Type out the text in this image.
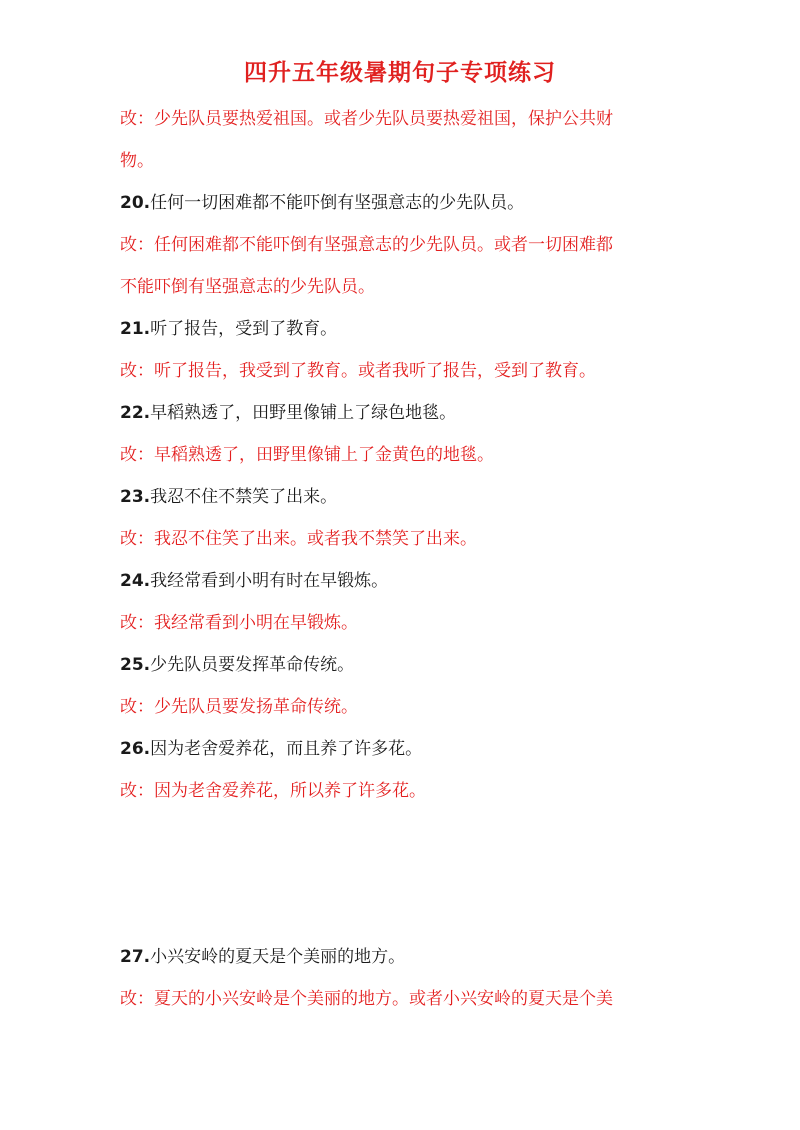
四升五年级暑期句子专项练习
改：少先队员要热爱祖国。或者少先队员要热爱祖国，保护公共财
物。
20.任何一切困难都不能吓倒有坚强意志的少先队员。
改：任何困难都不能吓倒有坚强意志的少先队员。或者一切困难都
不能吓倒有坚强意志的少先队员。
21.听了报告，受到了教育。
改：听了报告，我受到了教育。或者我听了报告，受到了教育。
22.早稻熟透了，田野里像铺上了绿色地毯。
改：早稻熟透了，田野里像铺上了金黄色的地毯。
23.我忍不住不禁笑了出来。
改：我忍不住笑了出来。或者我不禁笑了出来。
24.我经常看到小明有时在早锻炼。
改：我经常看到小明在早锻炼。
25.少先队员要发挥革命传统。
改：少先队员要发扬革命传统。
26.因为老舍爱养花，而且养了许多花。
改：因为老舍爱养花，所以养了许多花。
27.小兴安岭的夏天是个美丽的地方。
改：夏天的小兴安岭是个美丽的地方。或者小兴安岭的夏天是个美
